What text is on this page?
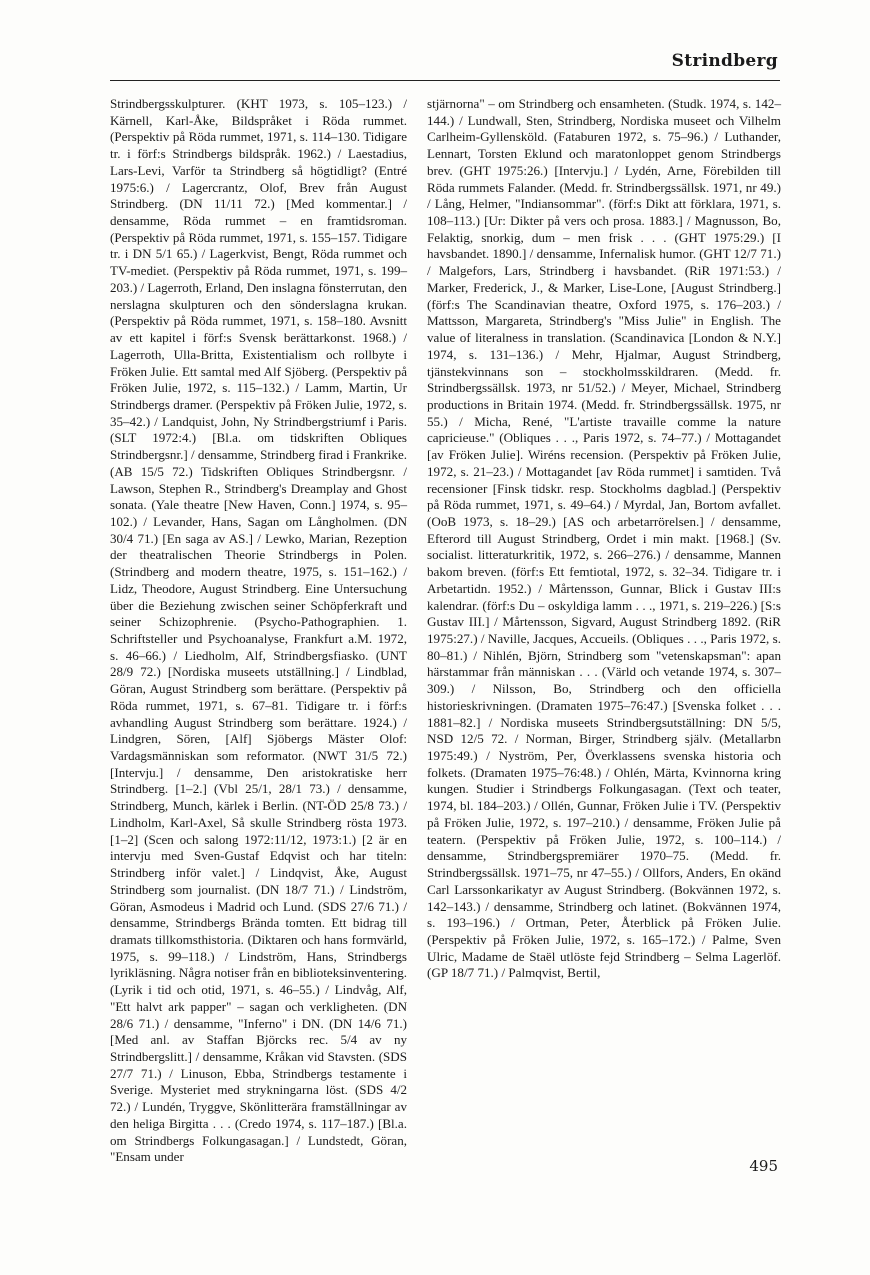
Strindberg

Strindbergsskulpturer. (KHT 1973, s. 105–123.) / Kärnell, Karl-Åke, Bildspråket i Röda rummet. (Perspektiv på Röda rummet, 1971, s. 114–130. Tidigare tr. i förf:s Strindbergs bildspråk. 1962.) / Laestadius, Lars-Levi, Varför ta Strindberg så högtidligt? (Entré 1975:6.) / Lagercrantz, Olof, Brev från August Strindberg. (DN 11/11 72.) [Med kommentar.] / densamme, Röda rummet – en framtidsroman. (Perspektiv på Röda rummet, 1971, s. 155–157. Tidigare tr. i DN 5/1 65.) / Lagerkvist, Bengt, Röda rummet och TV-mediet. (Perspektiv på Röda rummet, 1971, s. 199–203.) / Lagerroth, Erland, Den inslagna fönsterrutan, den nerslagna skulpturen och den sönderslagna krukan. (Perspektiv på Röda rummet, 1971, s. 158–180. Avsnitt av ett kapitel i förf:s Svensk berättarkonst. 1968.) / Lagerroth, Ulla-Britta, Existentialism och rollbyte i Fröken Julie. Ett samtal med Alf Sjöberg. (Perspektiv på Fröken Julie, 1972, s. 115–132.) / Lamm, Martin, Ur Strindbergs dramer. (Perspektiv på Fröken Julie, 1972, s. 35–42.) / Landquist, John, Ny Strindbergstriumf i Paris. (SLT 1972:4.) [Bl.a. om tidskriften Obliques Strindbergsnr.] / densamme, Strindberg firad i Frankrike. (AB 15/5 72.) Tidskriften Obliques Strindbergsnr. / Lawson, Stephen R., Strindberg's Dreamplay and Ghost sonata. (Yale theatre [New Haven, Conn.] 1974, s. 95–102.) / Levander, Hans, Sagan om Långholmen. (DN 30/4 71.) [En saga av AS.] / Lewko, Marian, Rezeption der theatralischen Theorie Strindbergs in Polen. (Strindberg and modern theatre, 1975, s. 151–162.) / Lidz, Theodore, August Strindberg. Eine Untersuchung über die Beziehung zwischen seiner Schöpferkraft und seiner Schizophrenie. (Psycho-Pathographien. 1. Schriftsteller und Psychoanalyse, Frankfurt a.M. 1972, s. 46–66.) / Liedholm, Alf, Strindbergsfiasko. (UNT 28/9 72.) [Nordiska museets utställning.] / Lindblad, Göran, August Strindberg som berättare. (Perspektiv på Röda rummet, 1971, s. 67–81. Tidigare tr. i förf:s avhandling August Strindberg som berättare. 1924.) / Lindgren, Sören, [Alf] Sjöbergs Mäster Olof: Vardagsmänniskan som reformator. (NWT 31/5 72.) [Intervju.] / densamme, Den aristokratiske herr Strindberg. [1–2.] (Vbl 25/1, 28/1 73.) / densamme, Strindberg, Munch, kärlek i Berlin. (NT-ÖD 25/8 73.) / Lindholm, Karl-Axel, Så skulle Strindberg rösta 1973. [1–2] (Scen och salong 1972:11/12, 1973:1.) [2 är en intervju med Sven-Gustaf Edqvist och har titeln: Strindberg inför valet.] / Lindqvist, Åke, August Strindberg som journalist. (DN 18/7 71.) / Lindström, Göran, Asmodeus i Madrid och Lund. (SDS 27/6 71.) / densamme, Strindbergs Brända tomten. Ett bidrag till dramats tillkomsthistoria. (Diktaren och hans formvärld, 1975, s. 99–118.) / Lindström, Hans, Strindbergs lyrikläsning. Några notiser från en biblioteksinventering. (Lyrik i tid och otid, 1971, s. 46–55.) / Lindvåg, Alf, "Ett halvt ark papper" – sagan och verkligheten. (DN 28/6 71.) / densamme, "Inferno" i DN. (DN 14/6 71.) [Med anl. av Staffan Björcks rec. 5/4 av ny Strindbergslitt.] / densamme, Kråkan vid Stavsten. (SDS 27/7 71.) / Linuson, Ebba, Strindbergs testamente i Sverige. Mysteriet med strykningarna löst. (SDS 4/2 72.) / Lundén, Tryggve, Skönlitterära framställningar av den heliga Birgitta . . . (Credo 1974, s. 117–187.) [Bl.a. om Strindbergs Folkungasagan.] / Lundstedt, Göran, "Ensam under

stjärnorna" – om Strindberg och ensamheten. (Studk. 1974, s. 142–144.) / Lundwall, Sten, Strindberg, Nordiska museet och Vilhelm Carlheim-Gyllensköld. (Fataburen 1972, s. 75–96.) / Luthander, Lennart, Torsten Eklund och maratonloppet genom Strindbergs brev. (GHT 1975:26.) [Intervju.] / Lydén, Arne, Förebilden till Röda rummets Falander. (Medd. fr. Strindbergssällsk. 1971, nr 49.) / Lång, Helmer, "Indiansommar". (förf:s Dikt att förklara, 1971, s. 108–113.) [Ur: Dikter på vers och prosa. 1883.] / Magnusson, Bo, Felaktig, snorkig, dum – men frisk . . . (GHT 1975:29.) [I havsbandet. 1890.] / densamme, Infernalisk humor. (GHT 12/7 71.) / Malgefors, Lars, Strindberg i havsbandet. (RiR 1971:53.) / Marker, Frederick, J., & Marker, Lise-Lone, [August Strindberg.] (förf:s The Scandinavian theatre, Oxford 1975, s. 176–203.) / Mattsson, Margareta, Strindberg's "Miss Julie" in English. The value of literalness in translation. (Scandinavica [London & N.Y.] 1974, s. 131–136.) / Mehr, Hjalmar, August Strindberg, tjänstekvinnans son – stockholmsskildraren. (Medd. fr. Strindbergssällsk. 1973, nr 51/52.) / Meyer, Michael, Strindberg productions in Britain 1974. (Medd. fr. Strindbergssällsk. 1975, nr 55.) / Micha, René, "L'artiste travaille comme la nature capricieuse." (Obliques . . ., Paris 1972, s. 74–77.) / Mottagandet [av Fröken Julie]. Wiréns recension. (Perspektiv på Fröken Julie, 1972, s. 21–23.) / Mottagandet [av Röda rummet] i samtiden. Två recensioner [Finsk tidskr. resp. Stockholms dagblad.] (Perspektiv på Röda rummet, 1971, s. 49–64.) / Myrdal, Jan, Bortom avfallet. (OoB 1973, s. 18–29.) [AS och arbetarrörelsen.] / densamme, Efterord till August Strindberg, Ordet i min makt. [1968.] (Sv. socialist. litteraturkritik, 1972, s. 266–276.) / densamme, Mannen bakom breven. (förf:s Ett femtiotal, 1972, s. 32–34. Tidigare tr. i Arbetartidn. 1952.) / Mårtensson, Gunnar, Blick i Gustav III:s kalendrar. (förf:s Du – oskyldiga lamm . . ., 1971, s. 219–226.) [S:s Gustav III.] / Mårtensson, Sigvard, August Strindberg 1892. (RiR 1975:27.) / Naville, Jacques, Accueils. (Obliques . . ., Paris 1972, s. 80–81.) / Nihlén, Björn, Strindberg som "vetenskapsman": apan härstammar från människan . . . (Värld och vetande 1974, s. 307–309.) / Nilsson, Bo, Strindberg och den officiella historieskrivningen. (Dramaten 1975–76:47.) [Svenska folket . . . 1881–82.] / Nordiska museets Strindbergsutställning: DN 5/5, NSD 12/5 72. / Norman, Birger, Strindberg själv. (Metallarbn 1975:49.) / Nyström, Per, Överklassens svenska historia och folkets. (Dramaten 1975–76:48.) / Ohlén, Märta, Kvinnorna kring kungen. Studier i Strindbergs Folkungasagan. (Text och teater, 1974, bl. 184–203.) / Ollén, Gunnar, Fröken Julie i TV. (Perspektiv på Fröken Julie, 1972, s. 197–210.) / densamme, Fröken Julie på teatern. (Perspektiv på Fröken Julie, 1972, s. 100–114.) / densamme, Strindbergspremiärer 1970–75. (Medd. fr. Strindbergssällsk. 1971–75, nr 47–55.) / Ollfors, Anders, En okänd Carl Larssonkarikatyr av August Strindberg. (Bokvännen 1972, s. 142–143.) / densamme, Strindberg och latinet. (Bokvännen 1974, s. 193–196.) / Ortman, Peter, Återblick på Fröken Julie. (Perspektiv på Fröken Julie, 1972, s. 165–172.) / Palme, Sven Ulric, Madame de Staël utlöste fejd Strindberg – Selma Lagerlöf. (GP 18/7 71.) / Palmqvist, Bertil,

495
